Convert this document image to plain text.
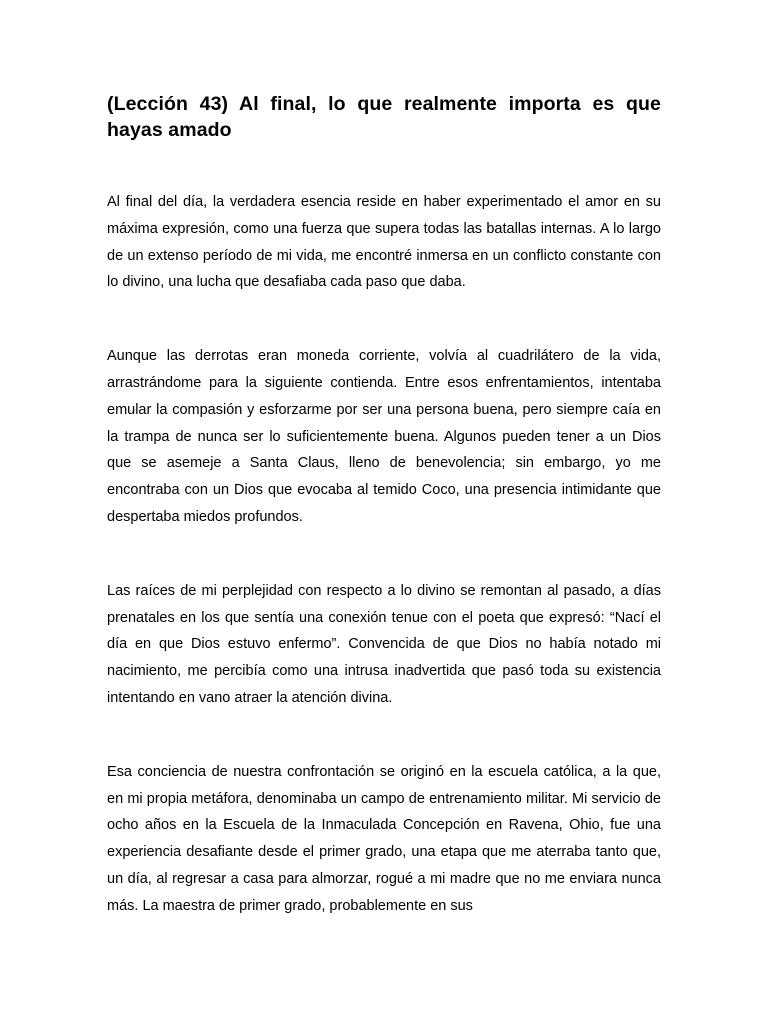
(Lección 43) Al final, lo que realmente importa es que hayas amado

Al final del día, la verdadera esencia reside en haber experimentado el amor en su máxima expresión, como una fuerza que supera todas las batallas internas. A lo largo de un extenso período de mi vida, me encontré inmersa en un conflicto constante con lo divino, una lucha que desafiaba cada paso que daba.

Aunque las derrotas eran moneda corriente, volvía al cuadrilátero de la vida, arrastrándome para la siguiente contienda. Entre esos enfrentamientos, intentaba emular la compasión y esforzarme por ser una persona buena, pero siempre caía en la trampa de nunca ser lo suficientemente buena. Algunos pueden tener a un Dios que se asemeje a Santa Claus, lleno de benevolencia; sin embargo, yo me encontraba con un Dios que evocaba al temido Coco, una presencia intimidante que despertaba miedos profundos.

Las raíces de mi perplejidad con respecto a lo divino se remontan al pasado, a días prenatales en los que sentía una conexión tenue con el poeta que expresó: “Nací el día en que Dios estuvo enfermo”. Convencida de que Dios no había notado mi nacimiento, me percibía como una intrusa inadvertida que pasó toda su existencia intentando en vano atraer la atención divina.

Esa conciencia de nuestra confrontación se originó en la escuela católica, a la que, en mi propia metáfora, denominaba un campo de entrenamiento militar. Mi servicio de ocho años en la Escuela de la Inmaculada Concepción en Ravena, Ohio, fue una experiencia desafiante desde el primer grado, una etapa que me aterraba tanto que, un día, al regresar a casa para almorzar, rogué a mi madre que no me enviara nunca más. La maestra de primer grado, probablemente en sus
